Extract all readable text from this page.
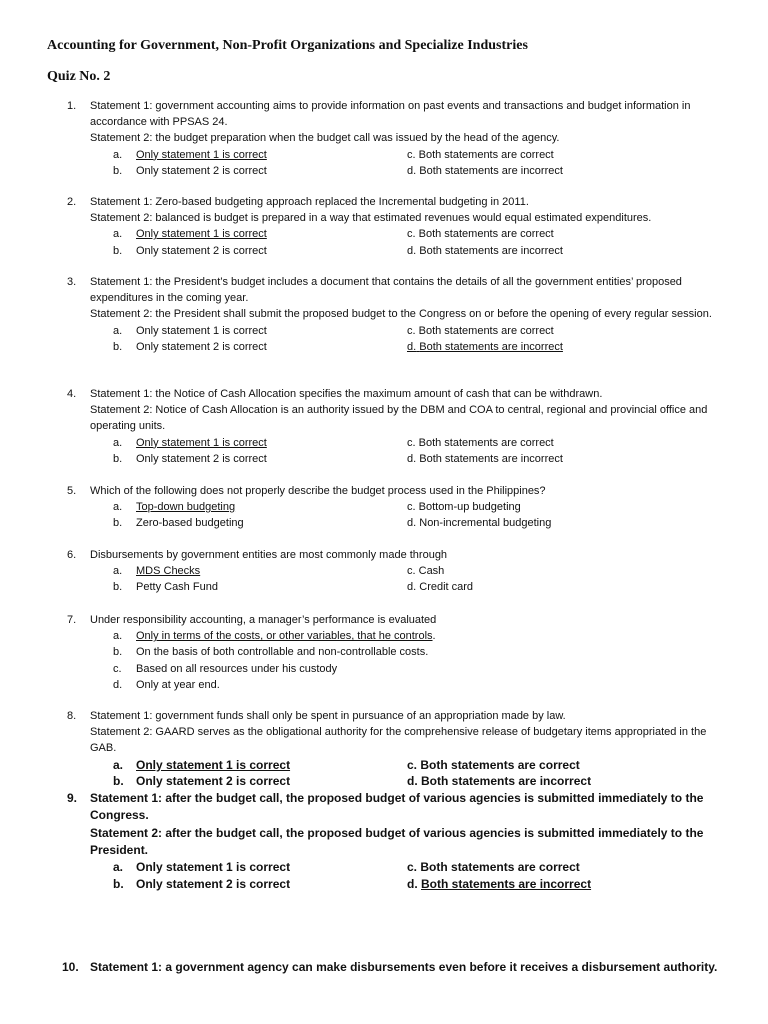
Accounting for Government, Non-Profit Organizations and Specialize Industries
Quiz No. 2
1. Statement 1: government accounting aims to provide information on past events and transactions and budget information in accordance with PPSAS 24.
Statement 2: the budget preparation when the budget call was issued by the head of the agency.
a. Only statement 1 is correct	c. Both statements are correct
b. Only statement 2 is correct	d. Both statements are incorrect
2. Statement 1: Zero-based budgeting approach replaced the Incremental budgeting in 2011.
Statement 2: balanced is budget is prepared in a way that estimated revenues would equal estimated expenditures.
a. Only statement 1 is correct	c. Both statements are correct
b. Only statement 2 is correct	d. Both statements are incorrect
3. Statement 1: the President’s budget includes a document that contains the details of all the government entities’ proposed expenditures in the coming year.
Statement 2: the President shall submit the proposed budget to the Congress on or before the opening of every regular session.
a. Only statement 1 is correct	c. Both statements are correct
b. Only statement 2 is correct	d. Both statements are incorrect
4. Statement 1: the Notice of Cash Allocation specifies the maximum amount of cash that can be withdrawn.
Statement 2: Notice of Cash Allocation is an authority issued by the DBM and COA to central, regional and provincial office and operating units.
a. Only statement 1 is correct	c. Both statements are correct
b. Only statement 2 is correct	d. Both statements are incorrect
5. Which of the following does not properly describe the budget process used in the Philippines?
a. Top-down budgeting	c. Bottom-up budgeting
b. Zero-based budgeting	d. Non-incremental budgeting
6. Disbursements by government entities are most commonly made through
a. MDS Checks	c. Cash
b. Petty Cash Fund	d. Credit card
7. Under responsibility accounting, a manager’s performance is evaluated
a. Only in terms of the costs, or other variables, that he controls.
b. On the basis of both controllable and non-controllable costs.
c. Based on all resources under his custody
d. Only at year end.
8. Statement 1: government funds shall only be spent in pursuance of an appropriation made by law.
Statement 2: GAARD serves as the obligational authority for the comprehensive release of budgetary items appropriated in the GAB.
a. Only statement 1 is correct	c. Both statements are correct
b. Only statement 2 is correct	d. Both statements are incorrect
9. Statement 1: after the budget call, the proposed budget of various agencies is submitted immediately to the Congress.
Statement 2: after the budget call, the proposed budget of various agencies is submitted immediately to the President.
a. Only statement 1 is correct	c. Both statements are correct
b. Only statement 2 is correct	d. Both statements are incorrect
10. Statement 1: a government agency can make disbursements even before it receives a disbursement authority.
